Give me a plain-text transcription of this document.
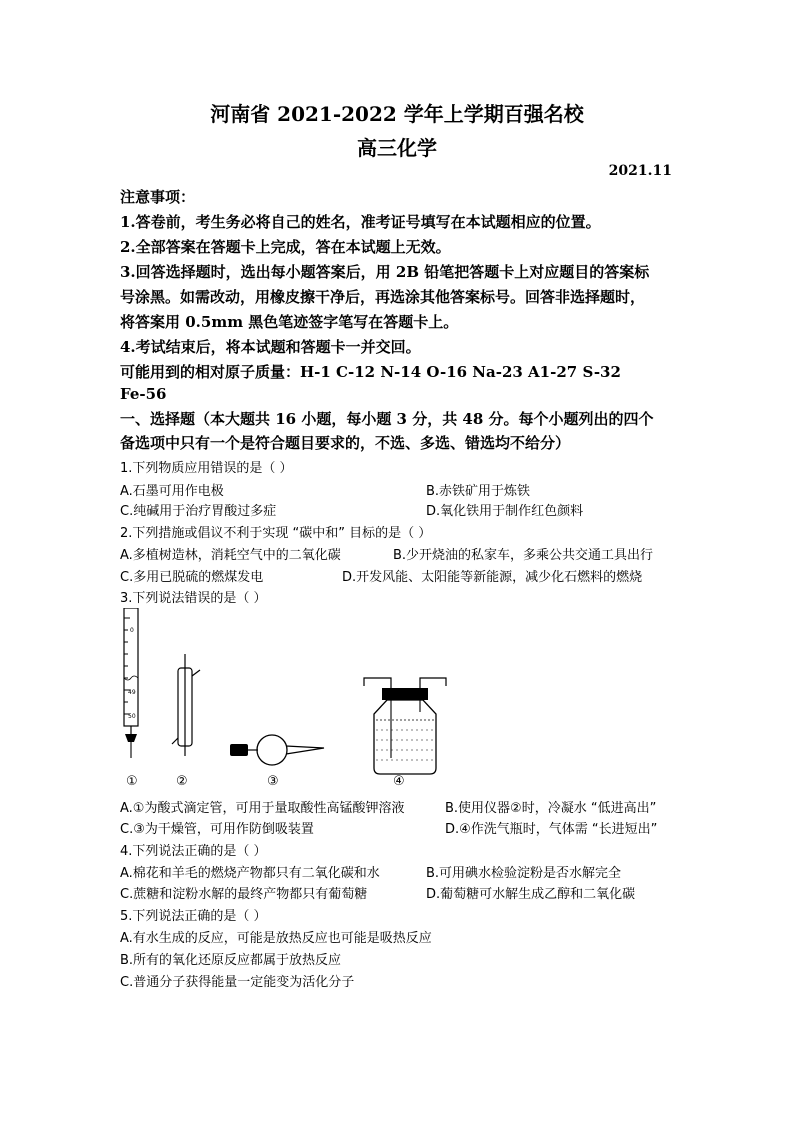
河南省 2021-2022 学年上学期百强名校
高三化学
2021.11
注意事项：
1.答卷前，考生务必将自己的姓名，准考证号填写在本试题相应的位置。
2.全部答案在答题卡上完成，答在本试题上无效。
3.回答选择题时，选出每小题答案后，用 2B 铅笔把答题卡上对应题目的答案标
号涂黑。如需改动，用橡皮擦干净后，再选涂其他答案标号。回答非选择题时，
将答案用 0.5mm 黑色笔迹签字笔写在答题卡上。
4.考试结束后，将本试题和答题卡一并交回。
可能用到的相对原子质量：H-1 C-12 N-14 O-16 Na-23 A1-27 S-32
Fe-56
一、选择题（本大题共 16 小题，每小题 3 分，共 48 分。每个小题列出的四个
备选项中只有一个是符合题目要求的，不选、多选、错选均不给分）
1.下列物质应用错误的是（ ）
A.石墨可用作电极	B.赤铁矿用于炼铁
C.纯碱用于治疗胃酸过多症	D.氧化铁用于制作红色颜料
2.下列措施或倡议不利于实现 “碳中和” 目标的是（ ）
A.多植树造林，消耗空气中的二氧化碳	B.少开烧油的私家车，多乘公共交通工具出行
C.多用已脱硫的燃煤发电	D.开发风能、太阳能等新能源，减少化石燃料的燃烧
3.下列说法错误的是（ ）
0
49
50
①	②	③	④
A.①为酸式滴定管，可用于量取酸性高锰酸钾溶液	B.使用仪器②时，冷凝水 “低进高出”
C.③为干燥管，可用作防倒吸装置	D.④作洗气瓶时，气体需 “长进短出”
4.下列说法正确的是（ ）
A.棉花和羊毛的燃烧产物都只有二氧化碳和水	B.可用碘水检验淀粉是否水解完全
C.蔗糖和淀粉水解的最终产物都只有葡萄糖	D.葡萄糖可水解生成乙醇和二氧化碳
5.下列说法正确的是（ ）
A.有水生成的反应，可能是放热反应也可能是吸热反应
B.所有的氧化还原反应都属于放热反应
C.普通分子获得能量一定能变为活化分子
